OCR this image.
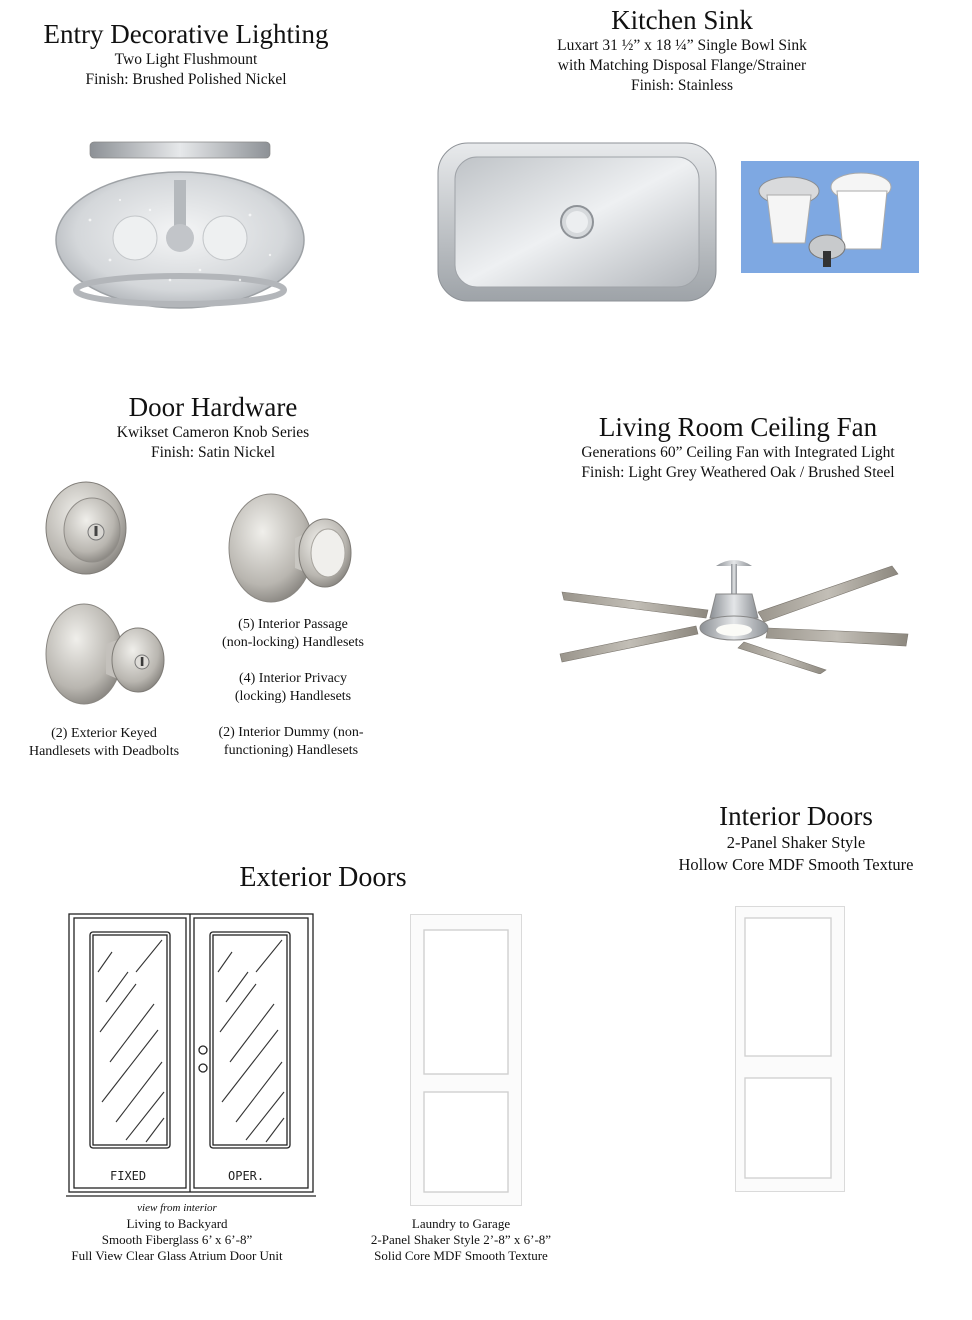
Entry Decorative Lighting
Two Light Flushmount
Finish: Brushed Polished Nickel
Kitchen Sink
Luxart 31 ½” x 18 ¼” Single Bowl Sink
with Matching Disposal Flange/Strainer
Finish: Stainless
Door Hardware
Kwikset Cameron Knob Series
Finish: Satin Nickel
(5) Interior Passage
(non-locking) Handlesets
(4) Interior Privacy
(locking) Handlesets
(2) Exterior Keyed
Handlesets with Deadbolts
(2) Interior Dummy (non-
functioning) Handlesets
Living Room Ceiling Fan
Generations 60” Ceiling Fan with Integrated Light
Finish: Light Grey Weathered Oak / Brushed Steel
Interior Doors
2-Panel Shaker Style
Hollow Core MDF Smooth Texture
Exterior Doors
FIXED	OPER.
view from interior
Living to Backyard
Smooth Fiberglass 6’ x 6’-8”
Full View Clear Glass Atrium Door Unit
Laundry to Garage
2-Panel Shaker Style 2’-8” x 6’-8”
Solid Core MDF Smooth Texture
